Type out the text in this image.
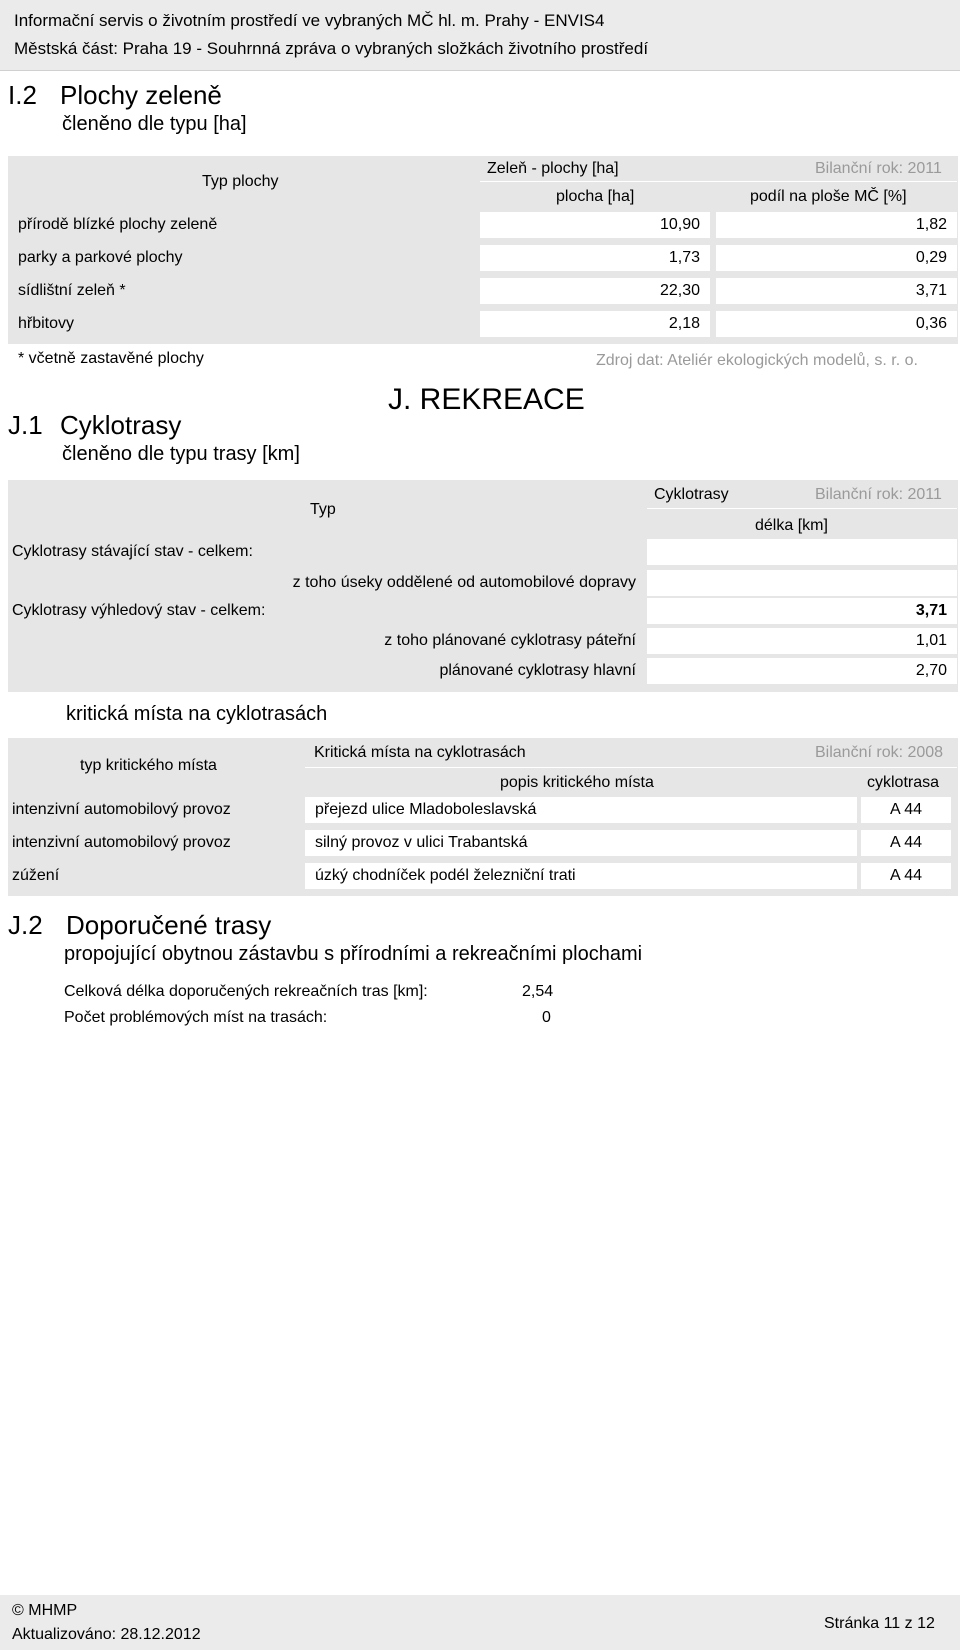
Informační servis o životním prostředí ve vybraných MČ hl. m. Prahy - ENVIS4
Městská část: Praha 19 - Souhrnná zpráva o vybraných složkách životního prostředí
I.2 Plochy zeleně
členěno dle typu [ha]
Typ plochy
Zeleň - plochy [ha]	Bilanční rok: 2011
plocha [ha]	podíl na ploše MČ [%]
přírodě blízké plochy zeleně	10,90	1,82
parky a parkové plochy	1,73	0,29
sídlištní zeleň *	22,30	3,71
hřbitovy	2,18	0,36
* včetně zastavěné plochy	Zdroj dat: Ateliér ekologických modelů, s. r. o.
J. REKREACE
J.1 Cyklotrasy
členěno dle typu trasy [km]
Typ
Cyklotrasy	Bilanční rok: 2011
délka [km]
Cyklotrasy stávající stav - celkem:
z toho úseky oddělené od automobilové dopravy
Cyklotrasy výhledový stav - celkem:	3,71
z toho plánované cyklotrasy páteřní	1,01
plánované cyklotrasy hlavní	2,70
kritická místa na cyklotrasách
typ kritického místa
Kritická místa na cyklotrasách	Bilanční rok: 2008
popis kritického místa	cyklotrasa
intenzivní automobilový provoz	přejezd ulice Mladoboleslavská	A 44
intenzivní automobilový provoz	silný provoz v ulici Trabantská	A 44
zúžení	úzký chodníček podél železniční trati	A 44
J.2 Doporučené trasy
propojující obytnou zástavbu s přírodními a rekreačními plochami
Celková délka doporučených rekreačních tras [km]:	2,54
Počet problémových míst na trasách:	0
© MHMP
Aktualizováno: 28.12.2012
Stránka 11 z 12
